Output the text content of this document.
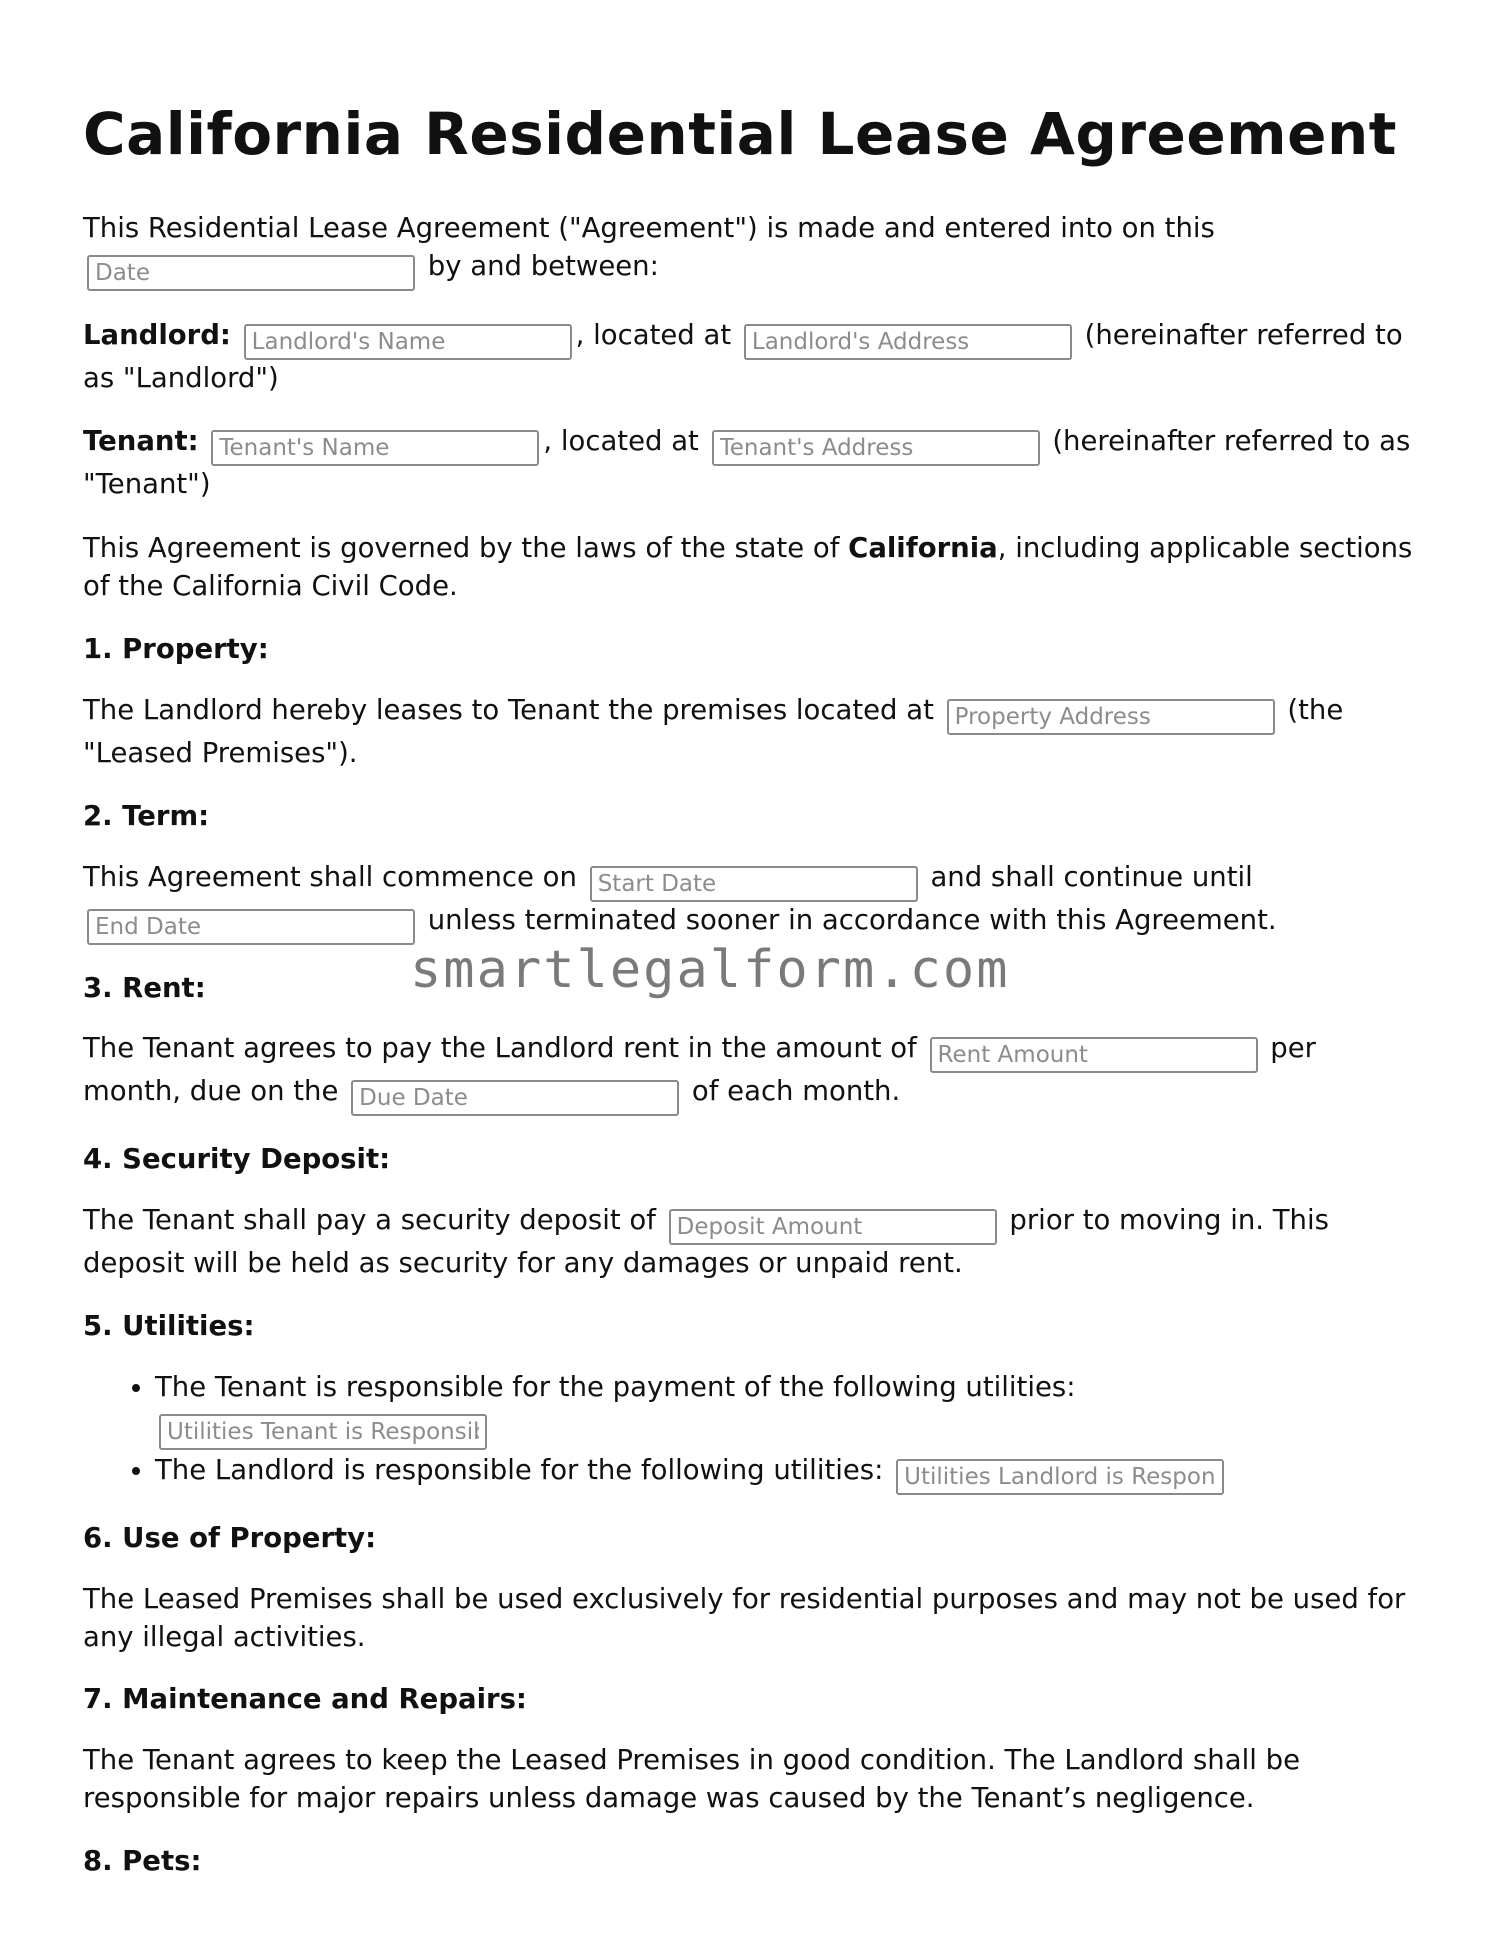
California Residential Lease Agreement

This Residential Lease Agreement ("Agreement") is made and entered into on this
Date by and between:

Landlord: Landlord's Name	, located at Landlord's Address	(hereinafter referred to as "Landlord")

Tenant: Tenant's Name	, located at Tenant's Address	(hereinafter referred to as "Tenant")

This Agreement is governed by the laws of the state of California, including applicable sections of the California Civil Code.

1. Property:

The Landlord hereby leases to Tenant the premises located at Property Address	(the "Leased Premises").

2. Term:

This Agreement shall commence on Start Date	and shall continue until
End Date unless terminated sooner in accordance with this Agreement.

3. Rent:

The Tenant agrees to pay the Landlord rent in the amount of Rent Amount	per month, due on the Due Date	of each month.

4. Security Deposit:

The Tenant shall pay a security deposit of Deposit Amount	prior to moving in. This deposit will be held as security for any damages or unpaid rent.

5. Utilities:
• The Tenant is responsible for the payment of the following utilities:
Utilities Tenant is Responsible For
• The Landlord is responsible for the following utilities: Utilities Landlord is Responsible For
6. Use of Property:

The Leased Premises shall be used exclusively for residential purposes and may not be used for any illegal activities.

7. Maintenance and Repairs:

The Tenant agrees to keep the Leased Premises in good condition. The Landlord shall be responsible for major repairs unless damage was caused by the Tenant’s negligence.

8. Pets:
smartlegalform.com
